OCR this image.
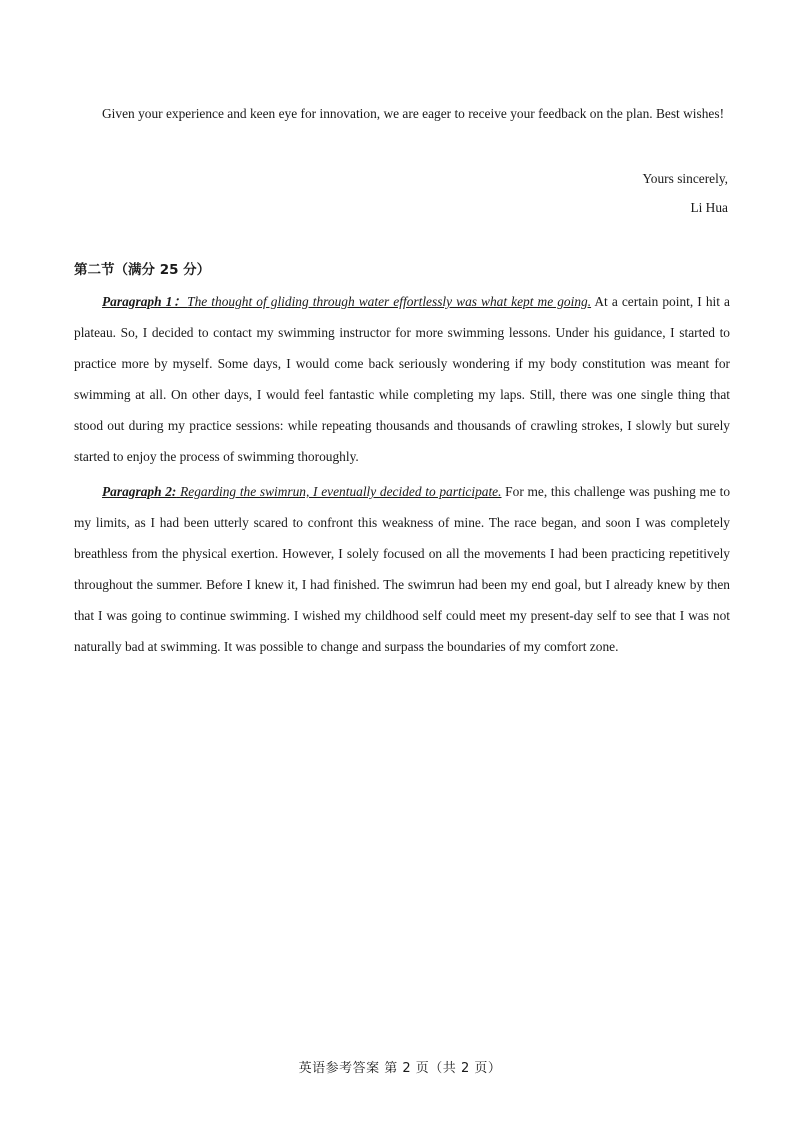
Given your experience and keen eye for innovation, we are eager to receive your feedback on the plan. Best wishes!

Yours sincerely,
Li Hua
第二节（满分 25 分）

Paragraph 1：The thought of gliding through water effortlessly was what kept me going. At a certain point, I hit a plateau. So, I decided to contact my swimming instructor for more swimming lessons. Under his guidance, I started to practice more by myself. Some days, I would come back seriously wondering if my body constitution was meant for swimming at all. On other days, I would feel fantastic while completing my laps. Still, there was one single thing that stood out during my practice sessions: while repeating thousands and thousands of crawling strokes, I slowly but surely started to enjoy the process of swimming thoroughly.

Paragraph 2: Regarding the swimrun, I eventually decided to participate. For me, this challenge was pushing me to my limits, as I had been utterly scared to confront this weakness of mine. The race began, and soon I was completely breathless from the physical exertion. However, I solely focused on all the movements I had been practicing repetitively throughout the summer. Before I knew it, I had finished. The swimrun had been my end goal, but I already knew by then that I was going to continue swimming. I wished my childhood self could meet my present-day self to see that I was not naturally bad at swimming. It was possible to change and surpass the boundaries of my comfort zone.

英语参考答案 第 2 页（共 2 页）
